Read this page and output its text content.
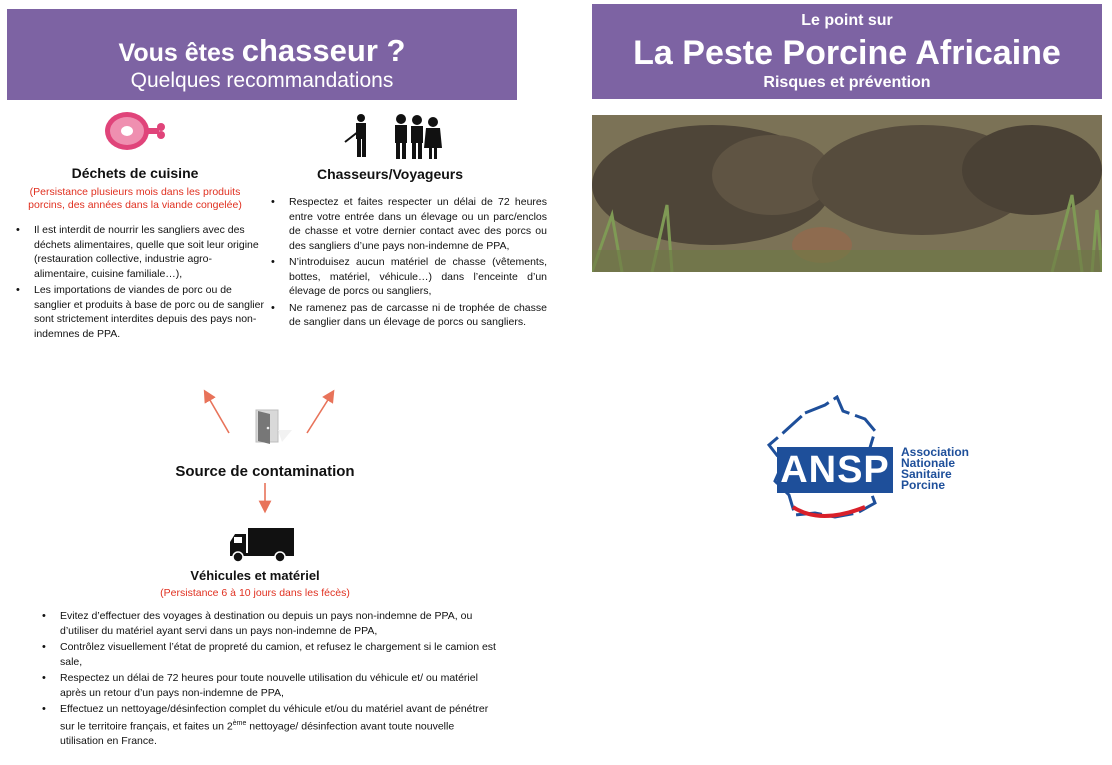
Vous êtes chasseur ?
Quelques recommandations
Déchets de cuisine
(Persistance plusieurs mois dans les produits
porcins, des années dans la viande congelée)
• Il est interdit de nourrir les sangliers avec des déchets alimentaires, quelle que soit leur origine (restauration collective, industrie agro-alimentaire, cuisine familiale…),
• Les importations de viandes de porc ou de sanglier et produits à base de porc ou de sanglier sont strictement interdites depuis des pays non-indemnes de PPA.
Chasseurs/Voyageurs
• Respectez et faites respecter un délai de 72 heures entre votre entrée dans un élevage ou un parc/enclos de chasse et votre dernier contact avec des porcs ou des sangliers d’une pays non-indemne de PPA,
• N’introduisez aucun matériel de chasse (vêtements, bottes, matériel, véhicule…) dans l’enceinte d’un élevage de porcs ou sangliers,
• Ne ramenez pas de carcasse ni de trophée de chasse de sanglier dans un élevage de porcs ou sangliers.
Source de contamination
Véhicules et matériel
(Persistance 6 à 10 jours dans les fécès)
• Evitez d’effectuer des voyages à destination ou depuis un pays non-indemne de PPA, ou d’utiliser du matériel ayant servi dans un pays non-indemne de PPA,
• Contrôlez visuellement l’état de propreté du camion, et refusez le chargement si le camion est sale,
• Respectez un délai de 72 heures pour toute nouvelle utilisation du véhicule et/ ou matériel après un retour d’un pays non-indemne de PPA,
• Effectuez un nettoyage/désinfection complet du véhicule et/ou du matériel avant de pénétrer sur le territoire français, et faites un 2ème nettoyage/ désinfection avant toute nouvelle utilisation en France.
Le point sur
La Peste Porcine Africaine
Risques et prévention
ANSP Association
Nationale
Sanitaire
Porcine
